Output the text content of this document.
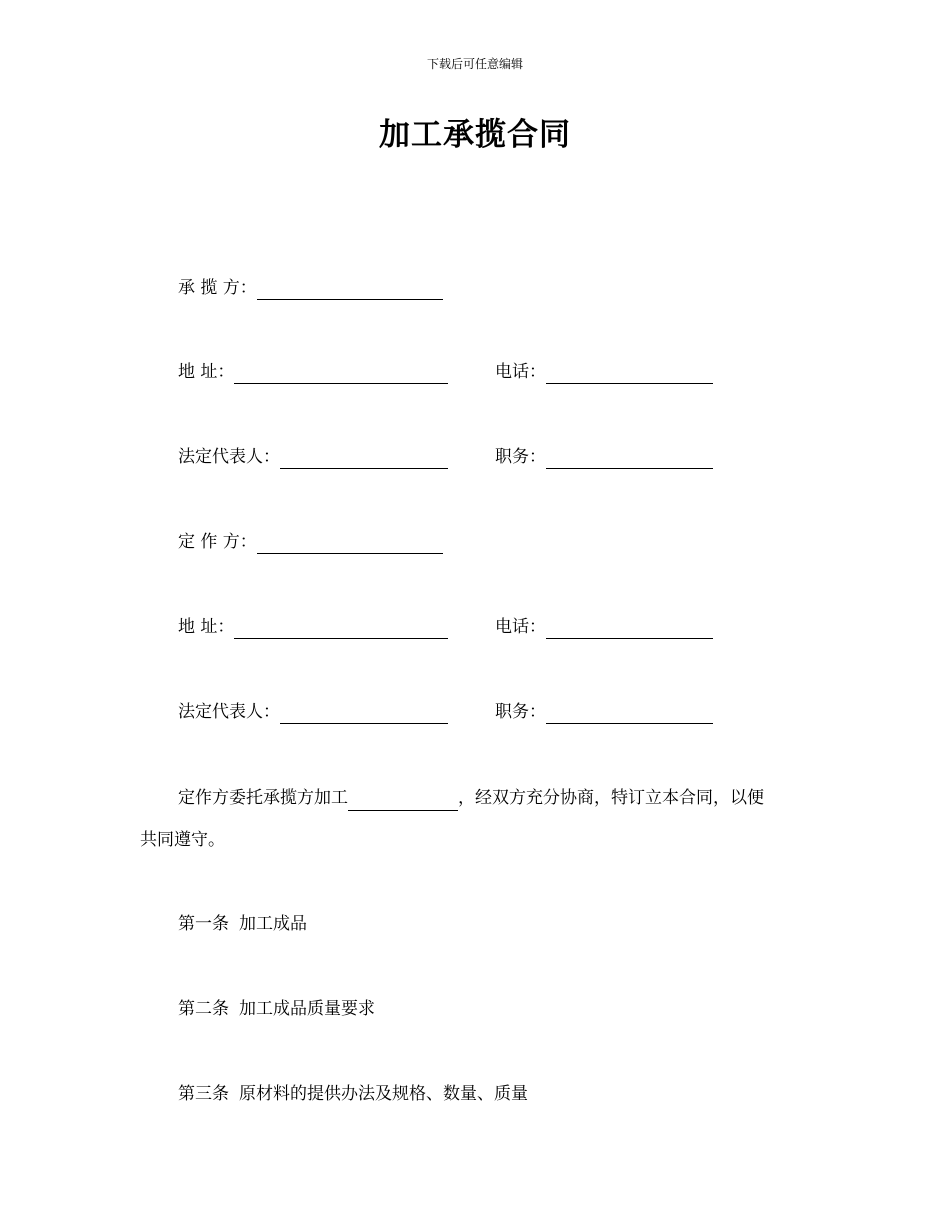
下载后可任意编辑
加工承揽合同
承 揽 方：
地 址：	电话：
法定代表人：	职务：
定 作 方：
地 址：	电话：
法定代表人：	职务：
定作方委托承揽方加工	，经双方充分协商，特订立本合同，以便
共同遵守。
第一条 加工成品
第二条 加工成品质量要求
第三条 原材料的提供办法及规格、数量、质量
